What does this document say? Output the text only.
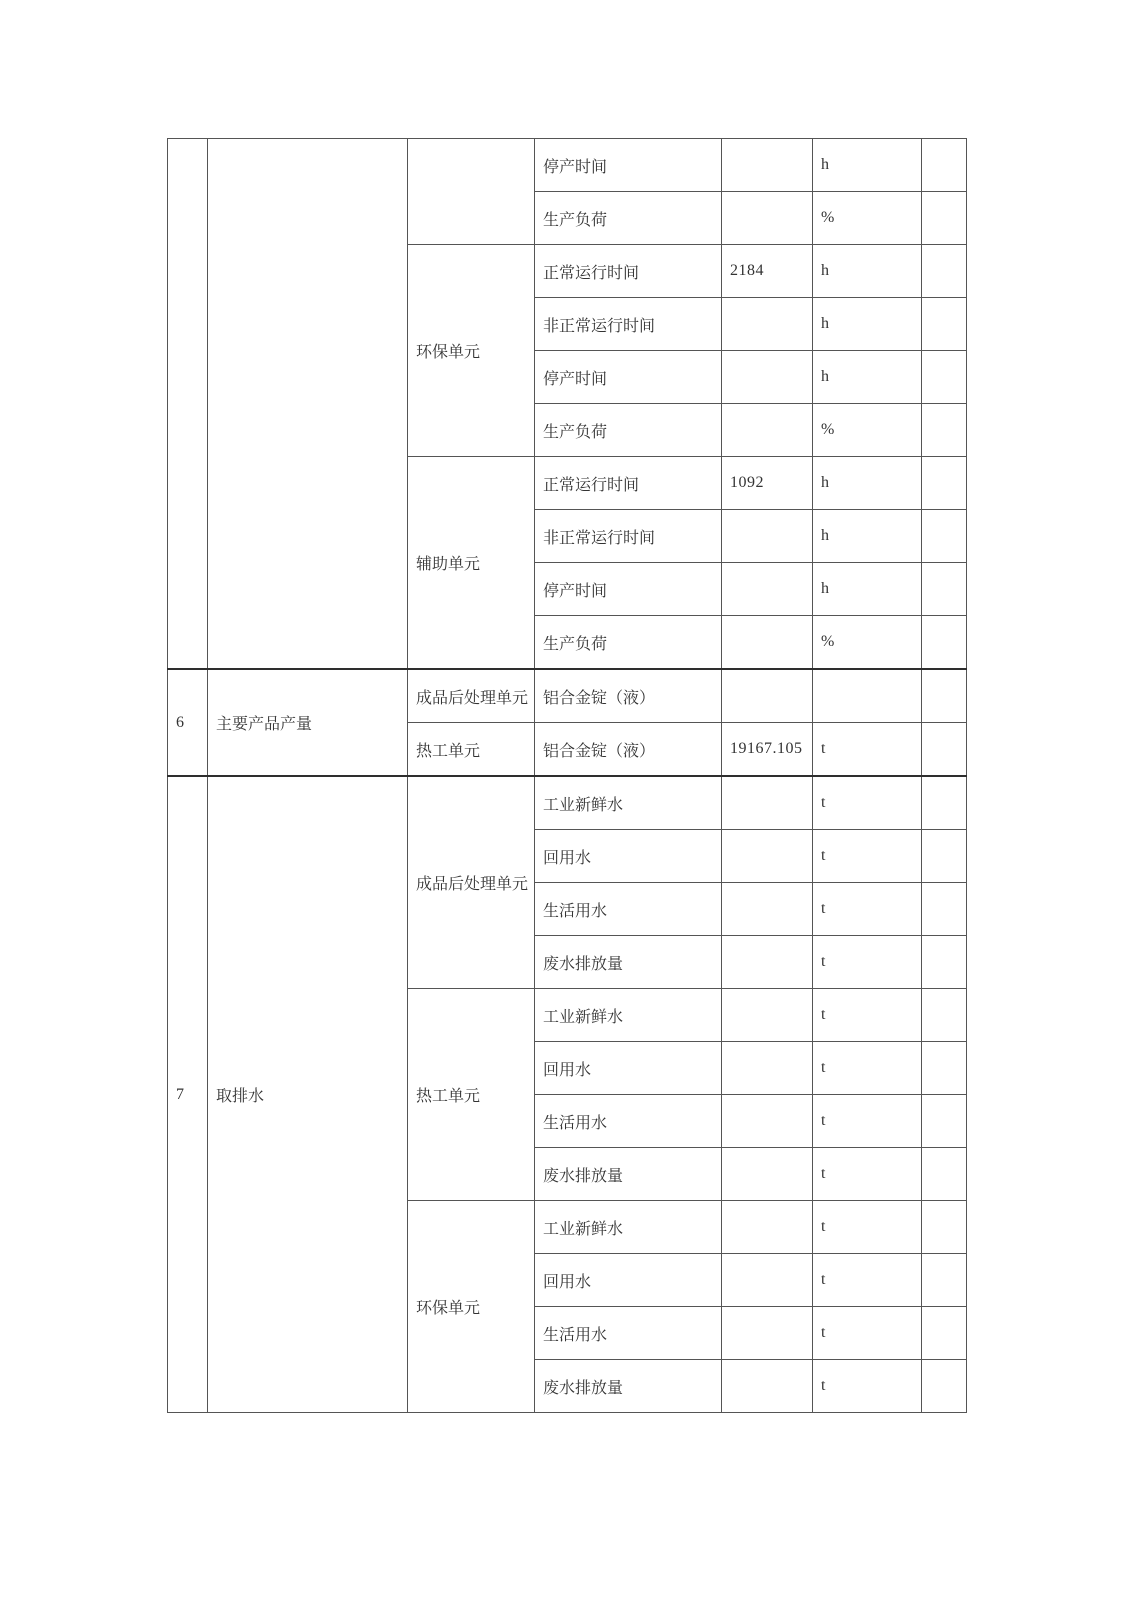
			停产时间		h	
			生产负荷		%	
		环保单元	正常运行时间	2184	h	
			非正常运行时间		h	
			停产时间		h	
			生产负荷		%	
		辅助单元	正常运行时间	1092	h	
			非正常运行时间		h	
			停产时间		h	
			生产负荷		%	
6	主要产品产量	成品后处理单元	铝合金锭（液）			
		热工单元	铝合金锭（液）	19167.105	t	
7	取排水	成品后处理单元	工业新鲜水		t	
			回用水		t	
			生活用水		t	
			废水排放量		t	
		热工单元	工业新鲜水		t	
			回用水		t	
			生活用水		t	
			废水排放量		t	
		环保单元	工业新鲜水		t	
			回用水		t	
			生活用水		t	
			废水排放量		t	
